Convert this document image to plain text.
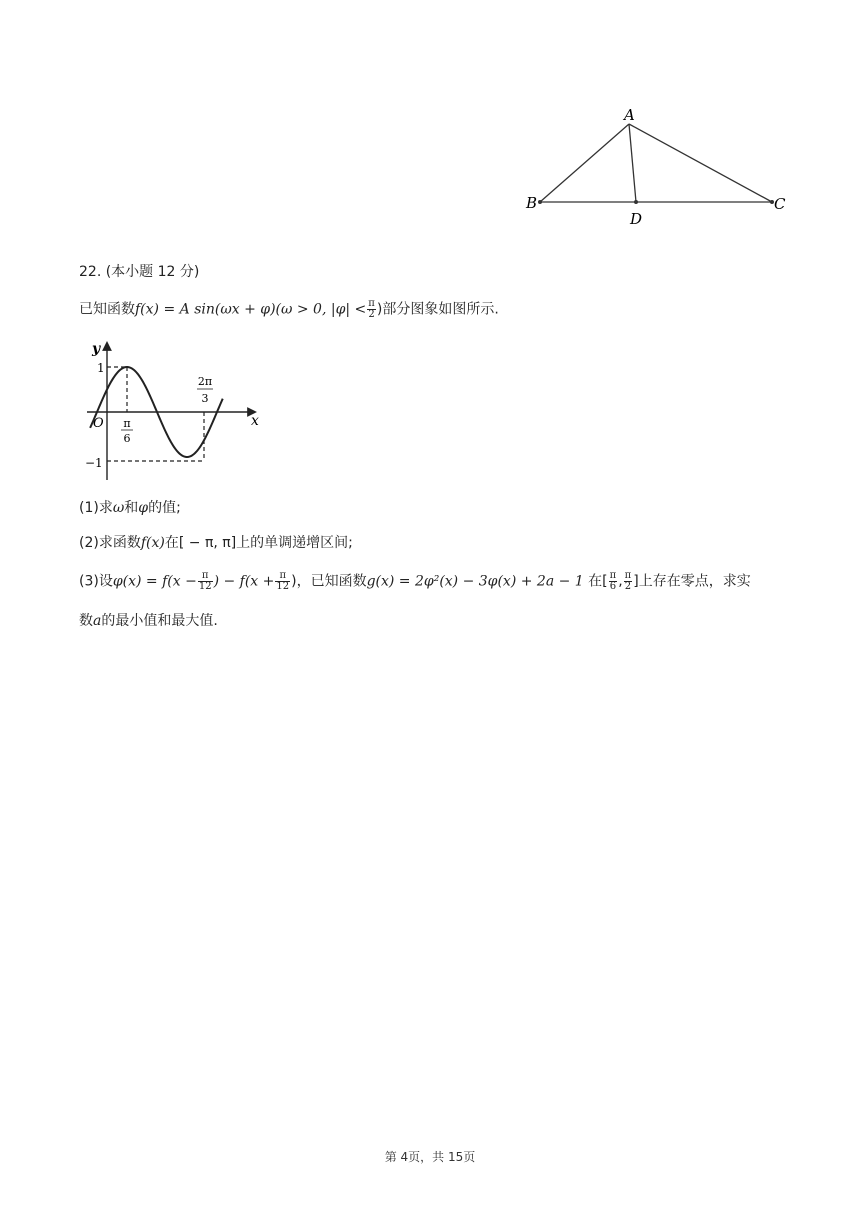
A
B	C
D
22. (本小题 12 分)
已知函数f(x) = A sin(ωx + φ)(ω > 0, $|\varphi| < \frac{\pi}{2}$ )部分图象如图所示.
y
x
O
1
−1
π
6
2π
3
(1)求ω和φ的值;
(2)求函数f(x)在[ − π, π]上的单调递增区间;
(3)设$\varphi(x) = f(x - \frac{\pi}{12}$ ) − $f(x + \frac{\pi}{12}$ )，已知函数g(x) = 2φ²(x) − 3φ(x) + 2a − 1 在[ $\frac{\pi}{6}$ , $\frac{\pi}{2}$ ]上存在零点，求实
数a的最小值和最大值.
第 4页，共 15页
